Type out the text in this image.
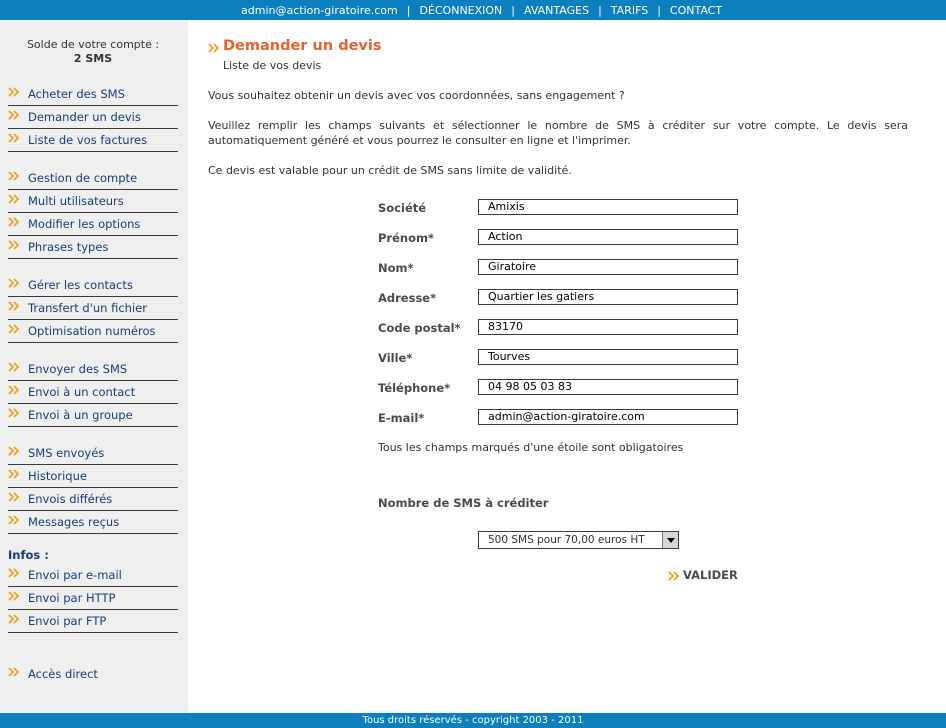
admin@action-giratoire.com | DÉCONNEXION | AVANTAGES | TARIFS | CONTACT
Solde de votre compte :
2 SMS
Acheter des SMS
Demander un devis
Liste de vos factures
Gestion de compte
Multi utilisateurs
Modifier les options
Phrases types
Gérer les contacts
Transfert d'un fichier
Optimisation numéros
Envoyer des SMS
Envoi à un contact
Envoi à un groupe
SMS envoyés
Historique
Envois différés
Messages reçus
Infos :
Envoi par e-mail
Envoi par HTTP
Envoi par FTP
Accès direct
Demander un devis
Liste de vos devis
Vous souhaitez obtenir un devis avec vos coordonnées, sans engagement ?
Veuillez remplir les champs suivants et sélectionner le nombre de SMS à créditer sur votre compte. Le devis sera automatiquement généré et vous pourrez le consulter en ligne et l'imprimer.
Ce devis est valable pour un crédit de SMS sans limite de validité.
Société	Amixis
Prénom*	Action
Nom*	Giratoire
Adresse*	Quartier les gatiers
Code postal*	83170
Ville*	Tourves
Téléphone*	04 98 05 03 83
E-mail*	admin@action-giratoire.com
Tous les champs marqués d'une étoile sont obligatoires
Nombre de SMS à créditer
500 SMS pour 70,00 euros HT
VALIDER
Tous droits réservés - copyright 2003 - 2011
